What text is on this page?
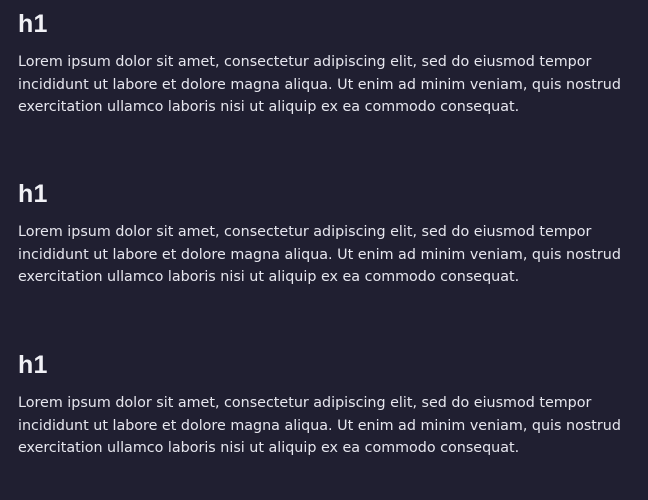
h1

Lorem ipsum dolor sit amet, consectetur adipiscing elit, sed do eiusmod tempor
incididunt ut labore et dolore magna aliqua. Ut enim ad minim veniam, quis nostrud
exercitation ullamco laboris nisi ut aliquip ex ea commodo consequat.

h1

Lorem ipsum dolor sit amet, consectetur adipiscing elit, sed do eiusmod tempor
incididunt ut labore et dolore magna aliqua. Ut enim ad minim veniam, quis nostrud
exercitation ullamco laboris nisi ut aliquip ex ea commodo consequat.

h1

Lorem ipsum dolor sit amet, consectetur adipiscing elit, sed do eiusmod tempor
incididunt ut labore et dolore magna aliqua. Ut enim ad minim veniam, quis nostrud
exercitation ullamco laboris nisi ut aliquip ex ea commodo consequat.
